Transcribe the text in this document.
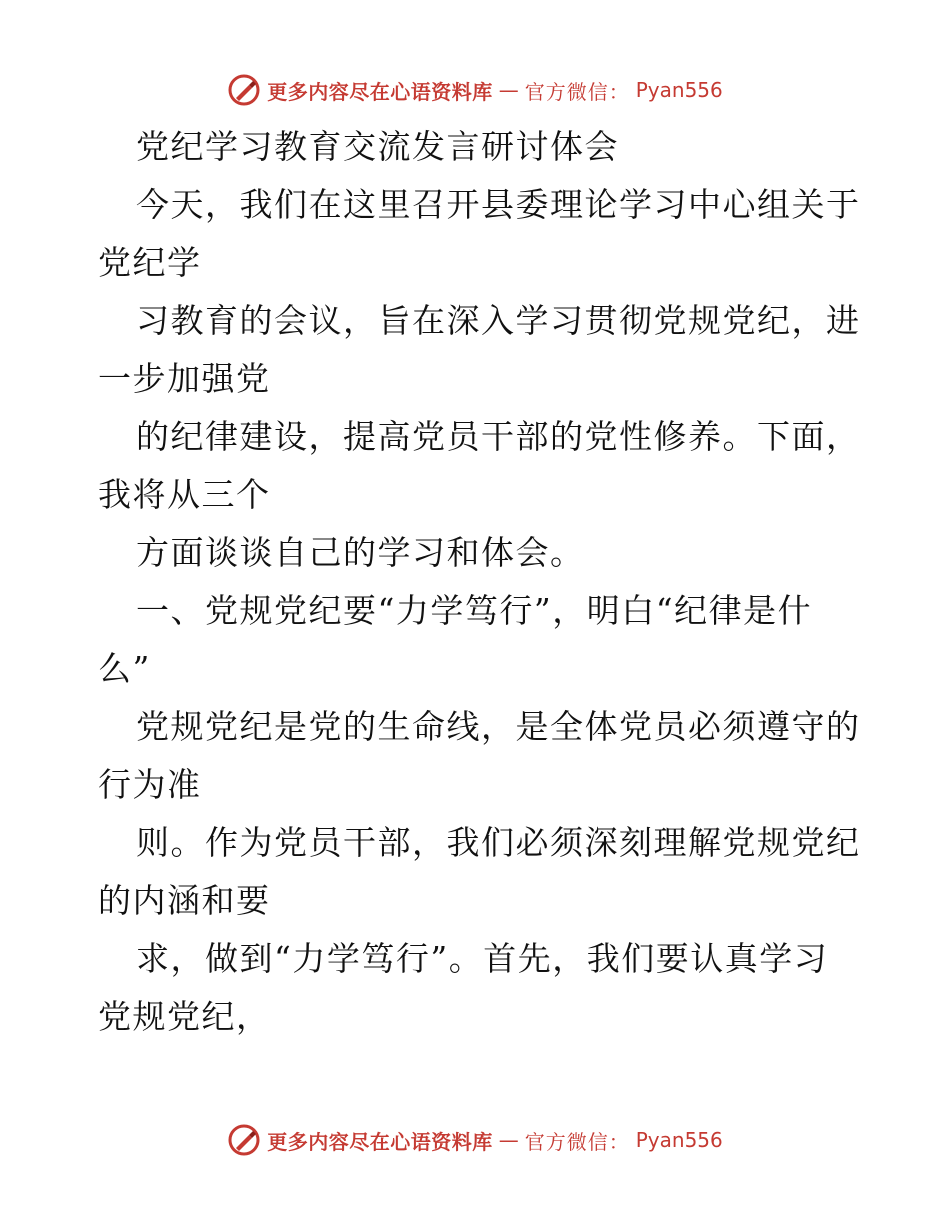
更多内容尽在心语资料库 — 官方微信： Pyan556
党纪学习教育交流发言研讨体会
今天，我们在这里召开县委理论学习中心组关于
党纪学
习教育的会议，旨在深入学习贯彻党规党纪，进
一步加强党
的纪律建设，提高党员干部的党性修养。下面，
我将从三个
方面谈谈自己的学习和体会。
一、党规党纪要“力学笃行”，明白“纪律是什
么”
党规党纪是党的生命线，是全体党员必须遵守的
行为准
则。作为党员干部，我们必须深刻理解党规党纪
的内涵和要
求，做到“力学笃行”。首先，我们要认真学习
党规党纪，
更多内容尽在心语资料库 — 官方微信： Pyan556
